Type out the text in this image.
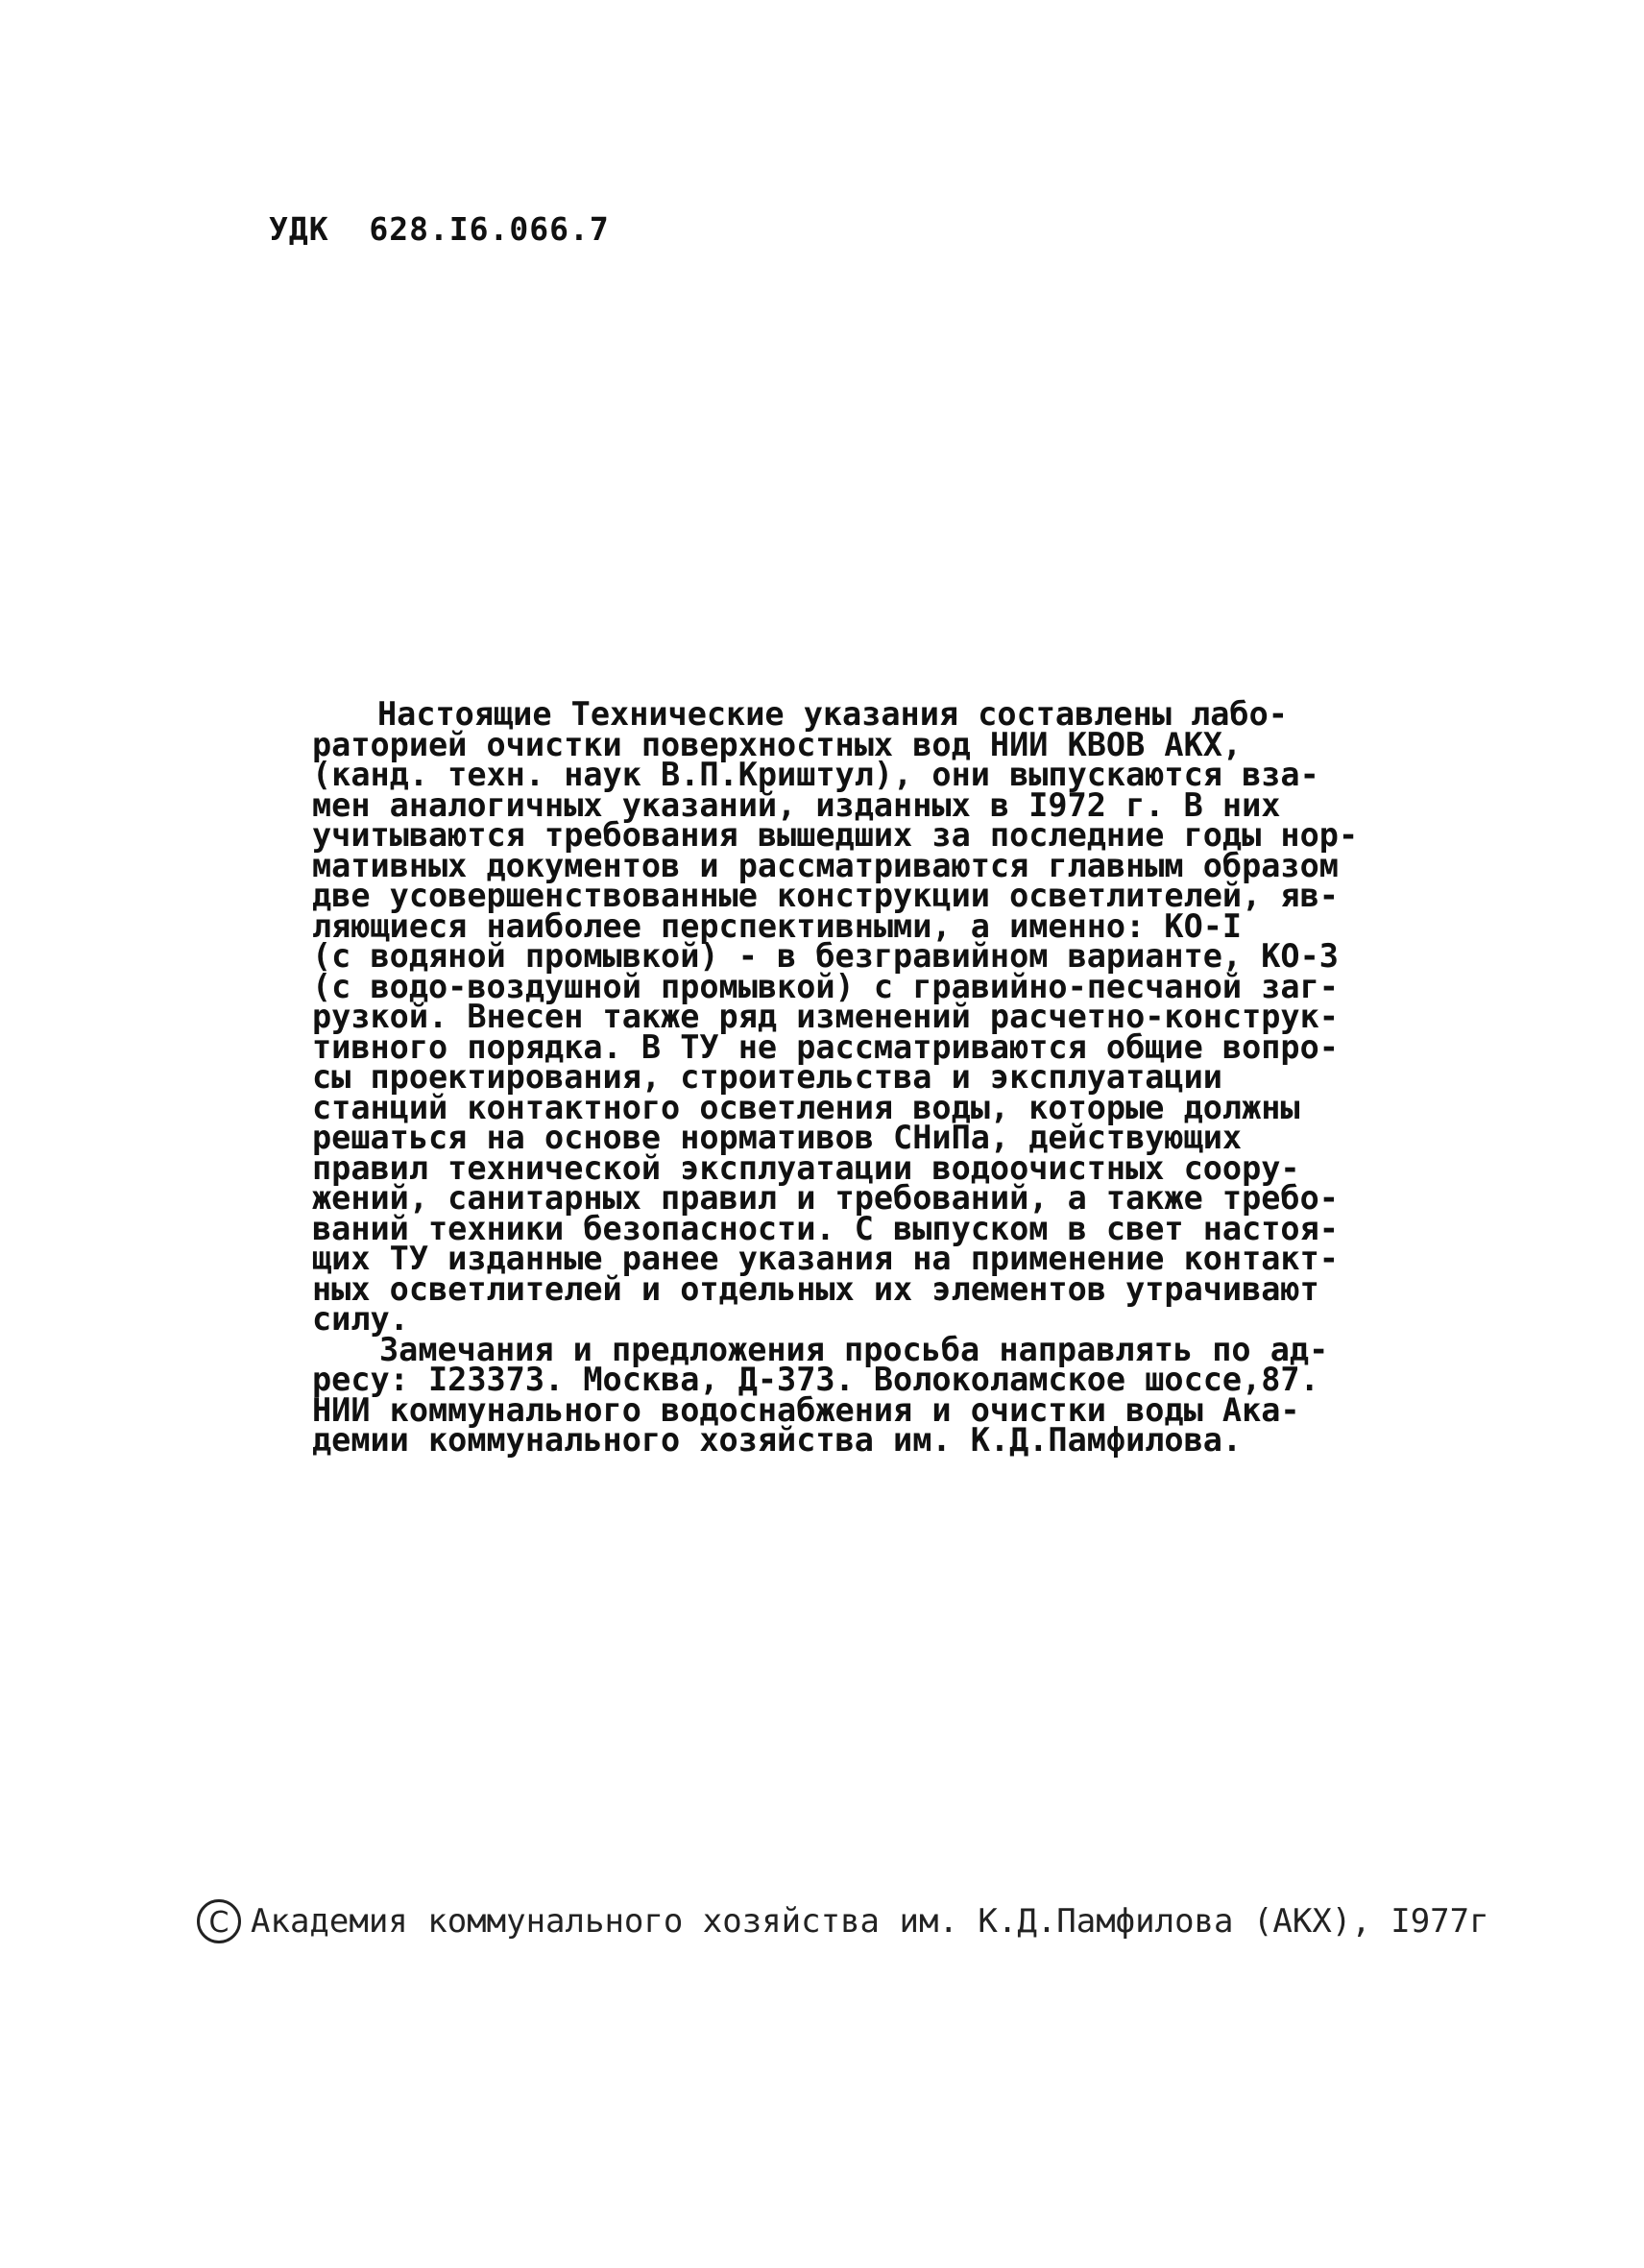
УДК  628.I6.066.7
Настоящие Технические указания составлены лабо-
раторией очистки поверхностных вод НИИ КВОВ АКХ,
(канд. техн. наук В.П.Криштул), они выпускаются вза-
мен аналогичных указаний, изданных в I972 г. В них
учитываются требования вышедших за последние годы нор-
мативных документов и рассматриваются главным образом
две усовершенствованные конструкции осветлителей, яв-
ляющиеся наиболее перспективными, а именно: КО-I
(с водяной промывкой) - в безгравийном варианте, КО-3
(с водо-воздушной промывкой) с гравийно-песчаной заг-
рузкой. Внесен также ряд изменений расчетно-конструк-
тивного порядка. В ТУ не рассматриваются общие вопро-
сы проектирования, строительства и эксплуатации
станций контактного осветления воды, которые должны
решаться на основе нормативов СНиПа, действующих
правил технической эксплуатации водоочистных соору-
жений, санитарных правил и требований, а также требо-
ваний техники безопасности. С выпуском в свет настоя-
щих ТУ изданные ранее указания на применение контакт-
ных осветлителей и отдельных их элементов утрачивают
силу.
Замечания и предложения просьба направлять по ад-
ресу: I23373. Москва, Д-373. Волоколамское шоссе,87.
НИИ коммунального водоснабжения и очистки воды Ака-
демии коммунального хозяйства им. К.Д.Памфилова.
C Академия коммунального хозяйства им. К.Д.Памфилова (АКХ), I977г
